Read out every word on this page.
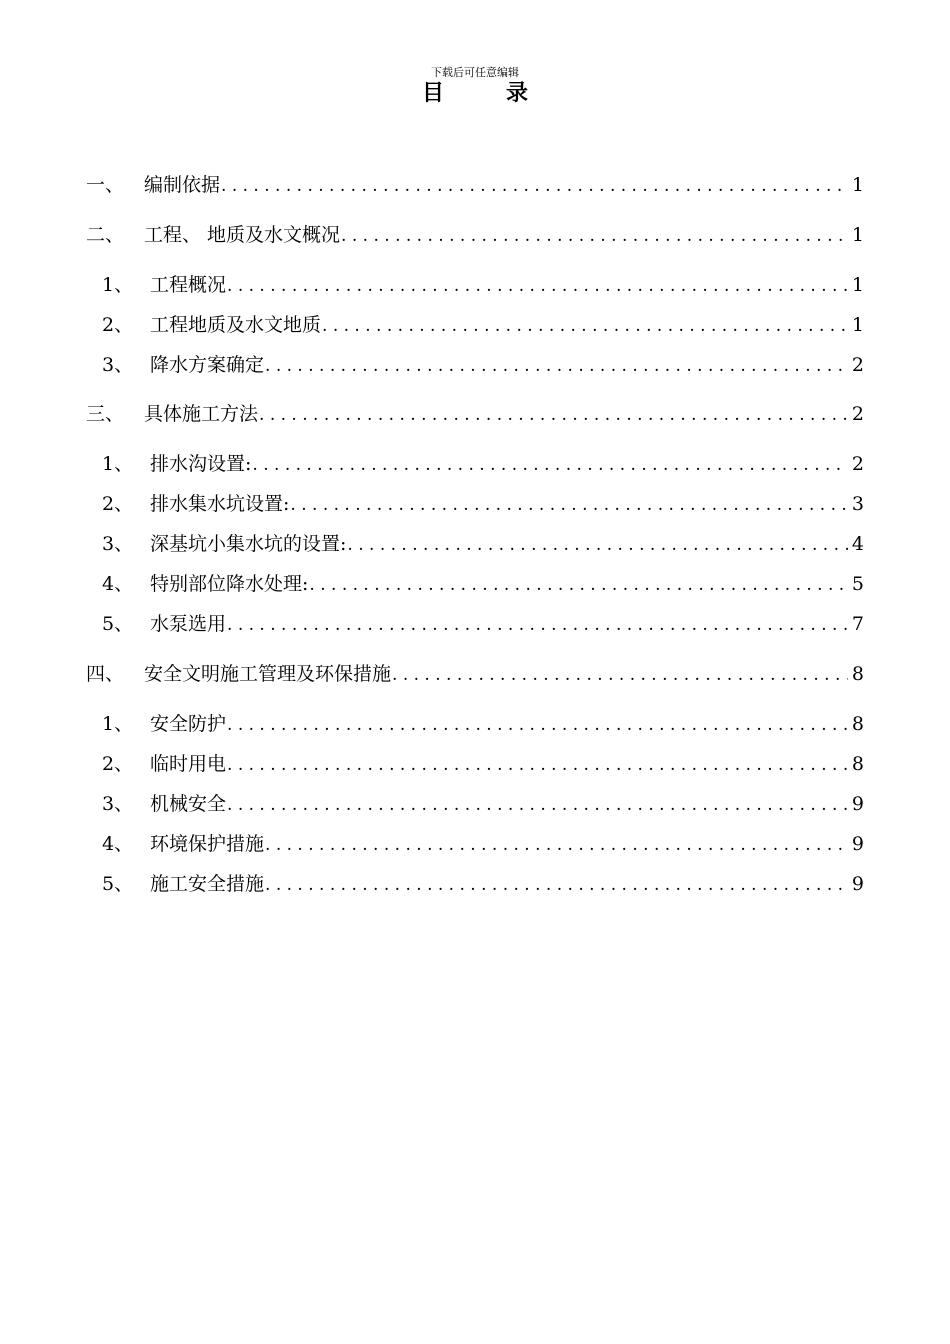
下载后可任意编辑
目	录
一、	编制依据 .....	1
二、	工程、 地质及水文概况 .....	1
1、 工程概况 .....	1
2、 工程地质及水文地质 .....	1
3、 降水方案确定 .....	2
三、	具体施工方法 .....	2
1、 排水沟设置: .....	2
2、 排水集水坑设置: .....	3
3、 深基坑小集水坑的设置: .....	4
4、 特别部位降水处理: .....	5
5、 水泵选用 .....	7
四、	安全文明施工管理及环保措施 .....	8
1、 安全防护 .....	8
2、 临时用电 .....	8
3、 机械安全 .....	9
4、 环境保护措施 .....	9
5、 施工安全措施 .....	9
